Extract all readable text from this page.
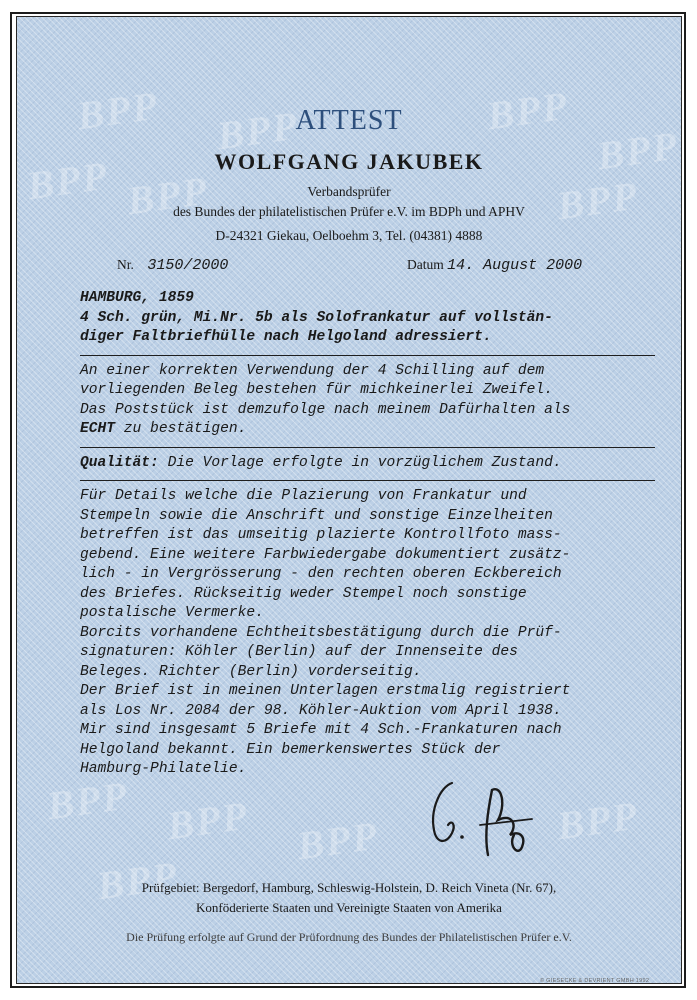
BPP BPP	BPP
BPP
BPP BPP	BPP
BPP BPP BPP	BPP
BPP
ATTEST
WOLFGANG JAKUBEK
Verbandsprüfer
des Bundes der philatelistischen Prüfer e.V. im BDPh und APHV
D-24321 Giekau, Oelboehm 3, Tel. (04381) 4888
Nr. 3150/2000	Datum 14. August 2000
HAMBURG, 1859
4 Sch. grün, Mi.Nr. 5b als Solofrankatur auf vollstän-
diger Faltbriefhülle nach Helgoland adressiert.
An einer korrekten Verwendung der 4 Schilling auf dem
vorliegenden Beleg bestehen für michkeinerlei Zweifel.
Das Poststück ist demzufolge nach meinem Dafürhalten als
ECHT zu bestätigen.
Qualität: Die Vorlage erfolgte in vorzüglichem Zustand.
Für Details welche die Plazierung von Frankatur und
Stempeln sowie die Anschrift und sonstige Einzelheiten
betreffen ist das umseitig plazierte Kontrollfoto mass-
gebend. Eine weitere Farbwiedergabe dokumentiert zusätz-
lich - in Vergrösserung - den rechten oberen Eckbereich
des Briefes. Rückseitig weder Stempel noch sonstige
postalische Vermerke.
Borcits vorhandene Echtheitsbestätigung durch die Prüf-
signaturen: Köhler (Berlin) auf der Innenseite des
Beleges. Richter (Berlin) vorderseitig.
Der Brief ist in meinen Unterlagen erstmalig registriert
als Los Nr. 2084 der 98. Köhler-Auktion vom April 1938.
Mir sind insgesamt 5 Briefe mit 4 Sch.-Frankaturen nach
Helgoland bekannt. Ein bemerkenswertes Stück der
Hamburg-Philatelie.
Prüfgebiet: Bergedorf, Hamburg, Schleswig-Holstein, D. Reich Vineta (Nr. 67),
Konföderierte Staaten und Vereinigte Staaten von Amerika
Die Prüfung erfolgte auf Grund der Prüfordnung des Bundes der Philatelistischen Prüfer e.V.
© GIESECKE & DEVRIENT GMBH 1992
